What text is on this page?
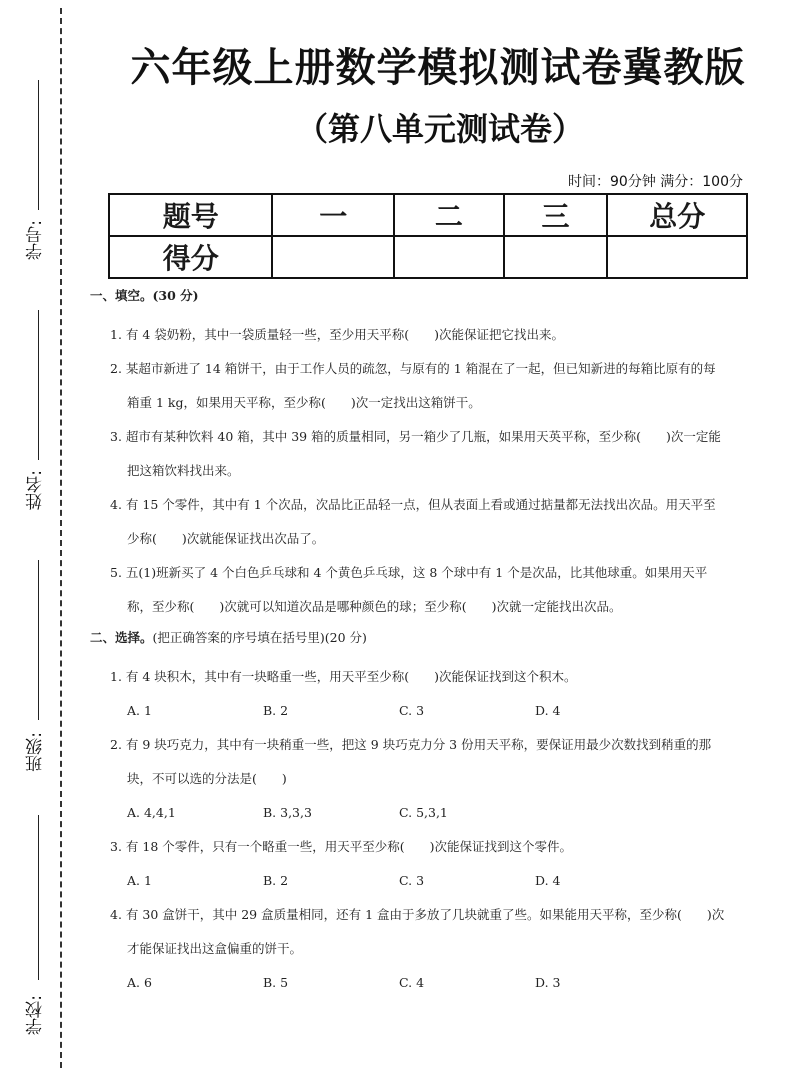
学号:
姓名:
班级:
学校:
六年级上册数学模拟测试卷冀教版
（第八单元测试卷）
时间：90分钟 满分：100分
题号	一	二	三	总分
得分				
一、填空。(30 分)
1. 有 4 袋奶粉，其中一袋质量轻一些，至少用天平称(　　)次能保证把它找出来。
2. 某超市新进了 14 箱饼干，由于工作人员的疏忽，与原有的 1 箱混在了一起，但已知新进的每箱比原有的每
箱重 1 kg，如果用天平称，至少称(　　)次一定找出这箱饼干。
3. 超市有某种饮料 40 箱，其中 39 箱的质量相同，另一箱少了几瓶，如果用天英平称，至少称(　　)次一定能
把这箱饮料找出来。
4. 有 15 个零件，其中有 1 个次品，次品比正品轻一点，但从表面上看或通过掂量都无法找出次品。用天平至
少称(　　)次就能保证找出次品了。
5. 五(1)班新买了 4 个白色乒乓球和 4 个黄色乒乓球，这 8 个球中有 1 个是次品，比其他球重。如果用天平
称，至少称(　　)次就可以知道次品是哪种颜色的球；至少称(　　)次就一定能找出次品。
二、选择。(把正确答案的序号填在括号里)(20 分)
1. 有 4 块积木，其中有一块略重一些，用天平至少称(　　)次能保证找到这个积木。
A. 1	B. 2	C. 3	D. 4
2. 有 9 块巧克力，其中有一块稍重一些，把这 9 块巧克力分 3 份用天平称，要保证用最少次数找到稍重的那
块，不可以选的分法是(　　)
A. 4,4,1	B. 3,3,3	C. 5,3,1
3. 有 18 个零件，只有一个略重一些，用天平至少称(　　)次能保证找到这个零件。
A. 1	B. 2	C. 3	D. 4
4. 有 30 盒饼干，其中 29 盒质量相同，还有 1 盒由于多放了几块就重了些。如果能用天平称，至少称(　　)次
才能保证找出这盒偏重的饼干。
A. 6	B. 5	C. 4	D. 3
